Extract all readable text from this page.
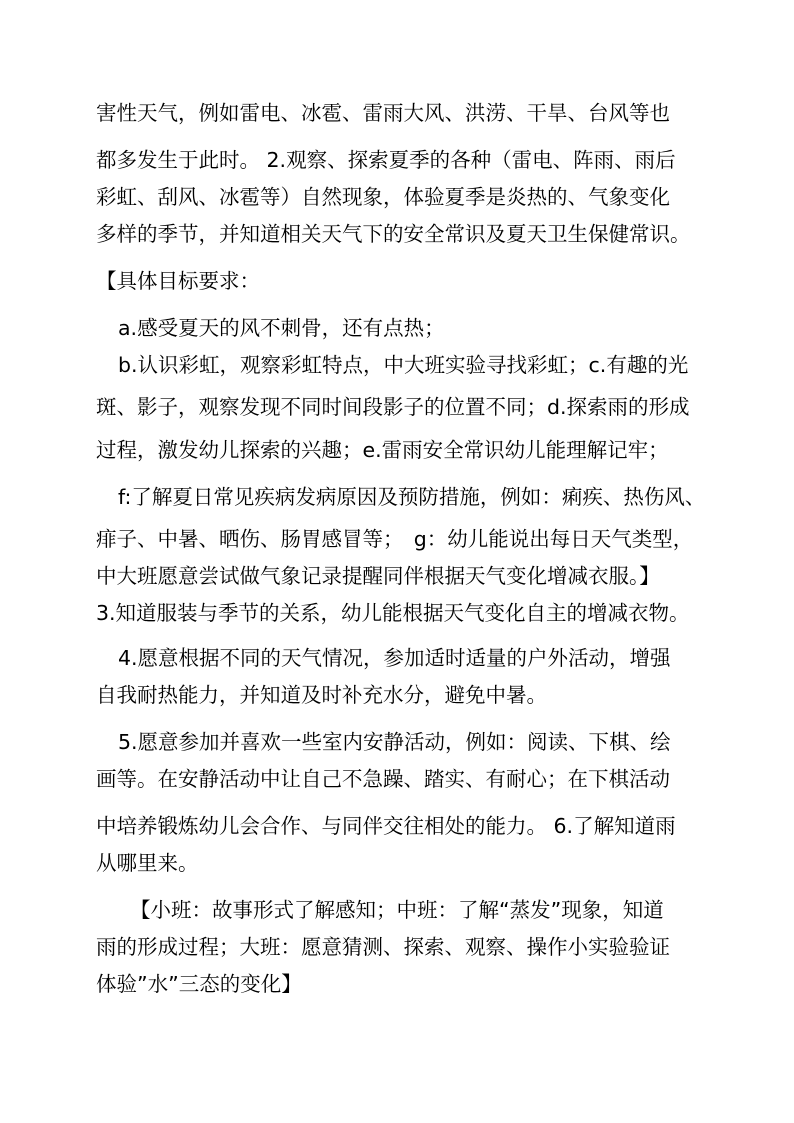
害性天气，例如雷电、冰雹、雷雨大风、洪涝、干旱、台风等也
都多发生于此时。 2.观察、探索夏季的各种（雷电、阵雨、雨后
彩虹、刮风、冰雹等）自然现象，体验夏季是炎热的、气象变化
多样的季节，并知道相关天气下的安全常识及夏天卫生保健常识。
【具体目标要求：
a.感受夏天的风不刺骨，还有点热；
b.认识彩虹，观察彩虹特点，中大班实验寻找彩虹；c.有趣的光
斑、影子，观察发现不同时间段影子的位置不同；d.探索雨的形成
过程，激发幼儿探索的兴趣；e.雷雨安全常识幼儿能理解记牢；
f:了解夏日常见疾病发病原因及预防措施，例如：痢疾、热伤风、
痱子、中暑、晒伤、肠胃感冒等；　g：幼儿能说出每日天气类型，
中大班愿意尝试做气象记录提醒同伴根据天气变化增减衣服。】
3.知道服装与季节的关系，幼儿能根据天气变化自主的增减衣物。
4.愿意根据不同的天气情况，参加适时适量的户外活动，增强
自我耐热能力，并知道及时补充水分，避免中暑。
5.愿意参加并喜欢一些室内安静活动，例如：阅读、下棋、绘
画等。在安静活动中让自己不急躁、踏实、有耐心；在下棋活动
中培养锻炼幼儿会合作、与同伴交往相处的能力。 6.了解知道雨
从哪里来。
【小班：故事形式了解感知；中班：了解“蒸发”现象，知道
雨的形成过程；大班：愿意猜测、探索、观察、操作小实验验证
体验”水”三态的变化】
